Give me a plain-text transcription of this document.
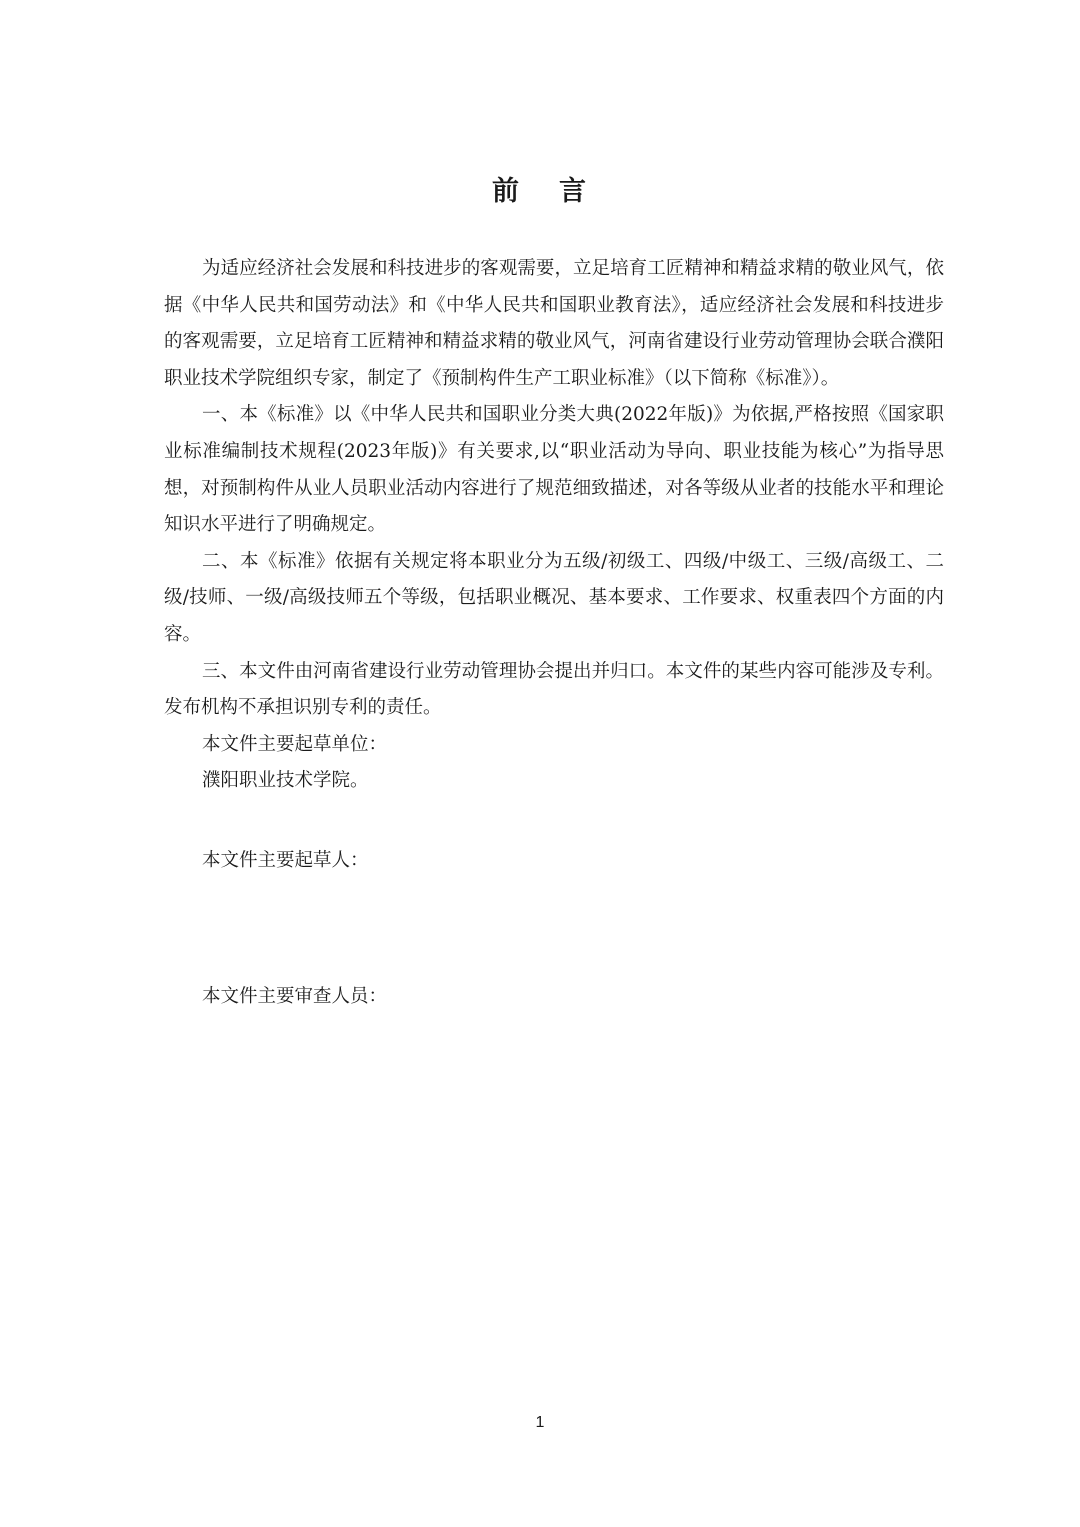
前 言

为适应经济社会发展和科技进步的客观需要，立足培育工匠精神和精益求精的敬业风气，依据《中华人民共和国劳动法》和《中华人民共和国职业教育法》，适应经济社会发展和科技进步的客观需要，立足培育工匠精神和精益求精的敬业风气，河南省建设行业劳动管理协会联合濮阳职业技术学院组织专家，制定了《预制构件生产工职业标准》（以下简称《标准》）。

一、本《标准》以《中华人民共和国职业分类大典(2022年版)》为依据,严格按照《国家职业标准编制技术规程(2023年版)》有关要求,以“职业活动为导向、职业技能为核心”为指导思想，对预制构件从业人员职业活动内容进行了规范细致描述，对各等级从业者的技能水平和理论知识水平进行了明确规定。

二、本《标准》依据有关规定将本职业分为五级/初级工、四级/中级工、三级/高级工、二级/技师、一级/高级技师五个等级，包括职业概况、基本要求、工作要求、权重表四个方面的内容。

三、本文件由河南省建设行业劳动管理协会提出并归口。本文件的某些内容可能涉及专利。发布机构不承担识别专利的责任。

本文件主要起草单位：

濮阳职业技术学院。

本文件主要起草人：

本文件主要审查人员：

1
